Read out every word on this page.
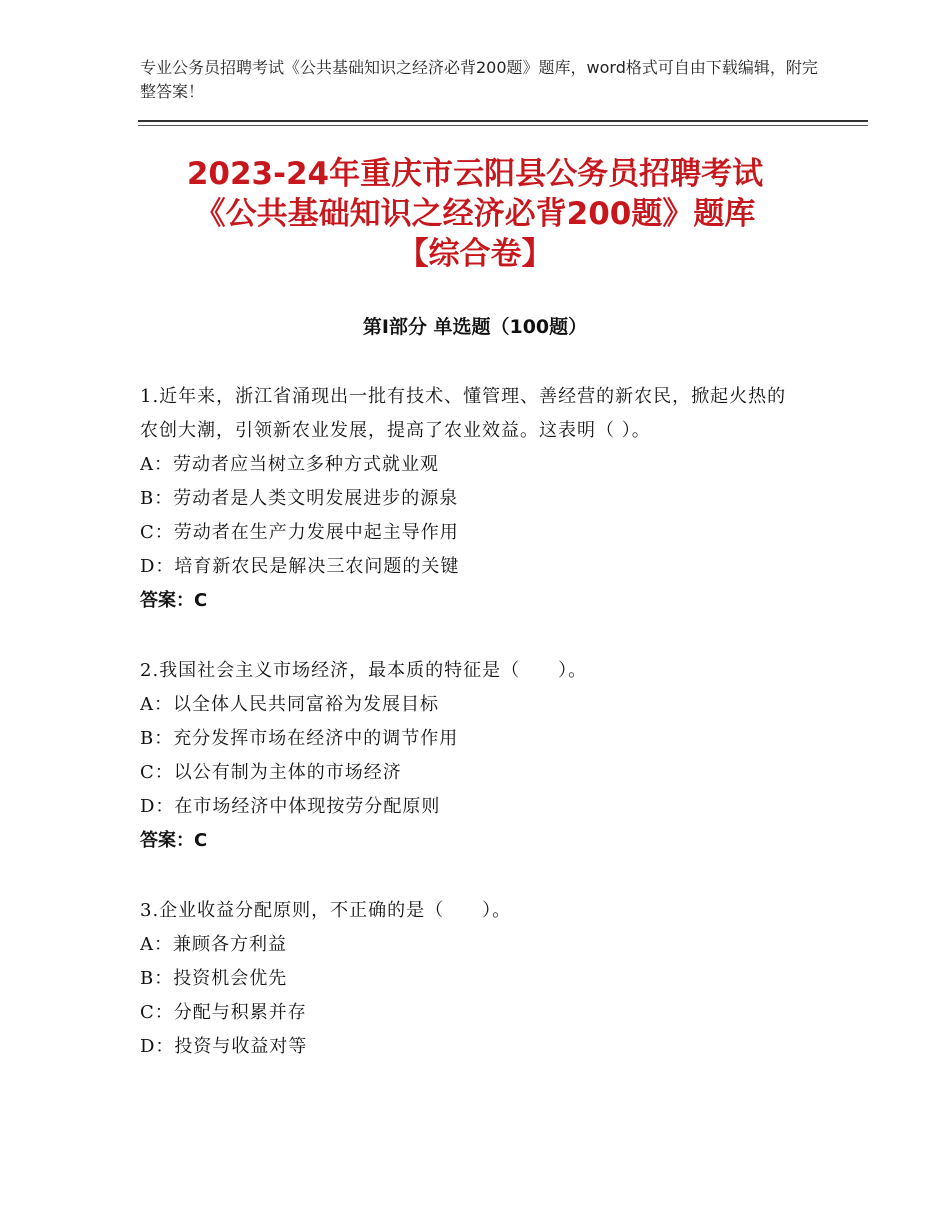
专业公务员招聘考试《公共基础知识之经济必背200题》题库，word格式可自由下载编辑，附完整答案！
2023-24年重庆市云阳县公务员招聘考试
《公共基础知识之经济必背200题》题库
【综合卷】
第Ⅰ部分 单选题（100题）
1.近年来，浙江省涌现出一批有技术、懂管理、善经营的新农民，掀起火热的农创大潮，引领新农业发展，提高了农业效益。这表明（ ）。
A：劳动者应当树立多种方式就业观
B：劳动者是人类文明发展进步的源泉
C：劳动者在生产力发展中起主导作用
D：培育新农民是解决三农问题的关键
答案：C
2.我国社会主义市场经济，最本质的特征是（　　）。
A：以全体人民共同富裕为发展目标
B：充分发挥市场在经济中的调节作用
C：以公有制为主体的市场经济
D：在市场经济中体现按劳分配原则
答案：C
3.企业收益分配原则，不正确的是（　　）。
A：兼顾各方利益
B：投资机会优先
C：分配与积累并存
D：投资与收益对等
